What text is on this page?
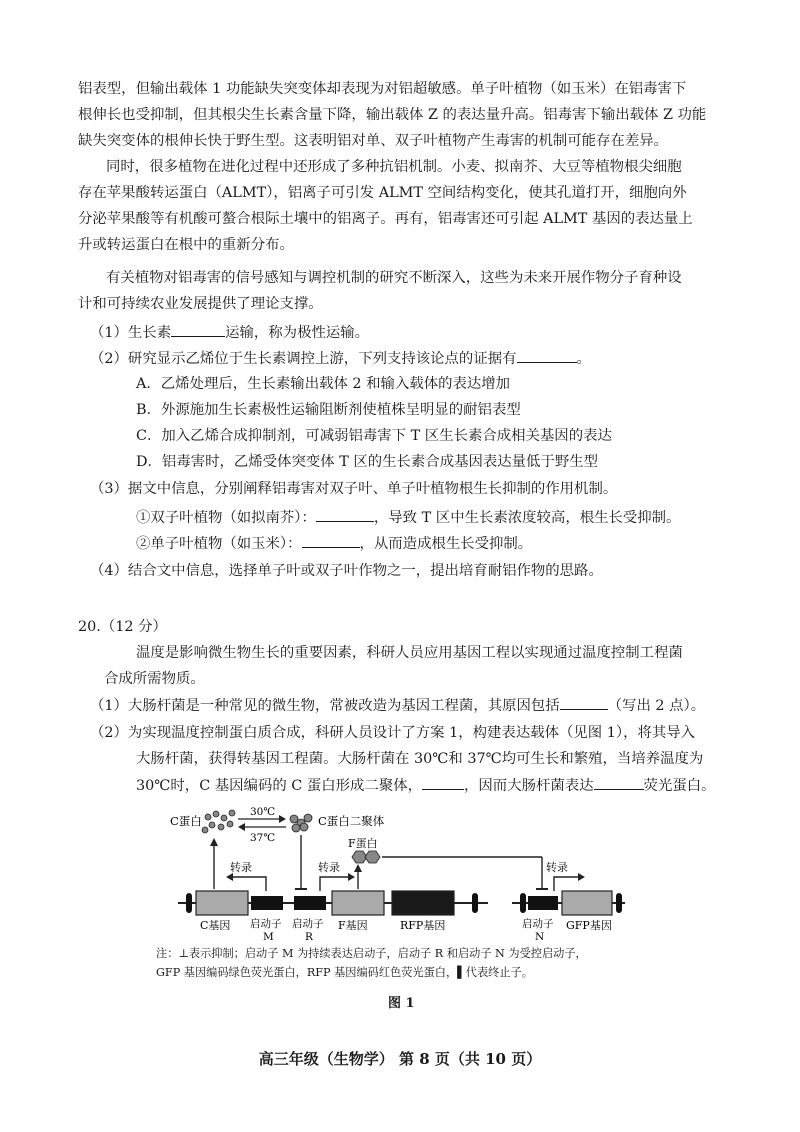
铝表型，但输出载体 1 功能缺失突变体却表现为对铝超敏感。单子叶植物（如玉米）在铝毒害下
根伸长也受抑制，但其根尖生长素含量下降，输出载体 Z 的表达量升高。铝毒害下输出载体 Z 功能
缺失突变体的根伸长快于野生型。这表明铝对单、双子叶植物产生毒害的机制可能存在差异。
同时，很多植物在进化过程中还形成了多种抗铝机制。小麦、拟南芥、大豆等植物根尖细胞
存在苹果酸转运蛋白（ALMT），铝离子可引发 ALMT 空间结构变化，使其孔道打开，细胞向外
分泌苹果酸等有机酸可螯合根际土壤中的铝离子。再有，铝毒害还可引起 ALMT 基因的表达量上
升或转运蛋白在根中的重新分布。
有关植物对铝毒害的信号感知与调控机制的研究不断深入，这些为未来开展作物分子育种设
计和可持续农业发展提供了理论支撑。
（1）生长素	运输，称为极性运输。
（2）研究显示乙烯位于生长素调控上游，下列支持该论点的证据有	。
A．乙烯处理后，生长素输出载体 2 和输入载体的表达增加
B．外源施加生长素极性运输阻断剂使植株呈明显的耐铝表型
C．加入乙烯合成抑制剂，可减弱铝毒害下 T 区生长素合成相关基因的表达
D．铝毒害时，乙烯受体突变体 T 区的生长素合成基因表达量低于野生型
（3）据文中信息，分别阐释铝毒害对双子叶、单子叶植物根生长抑制的作用机制。
①双子叶植物（如拟南芥）：	，导致 T 区中生长素浓度较高，根生长受抑制。
②单子叶植物（如玉米）：	，从而造成根生长受抑制。
（4）结合文中信息，选择单子叶或双子叶作物之一，提出培育耐铝作物的思路。
20.（12 分）
温度是影响微生物生长的重要因素，科研人员应用基因工程以实现通过温度控制工程菌
合成所需物质。
（1）大肠杆菌是一种常见的微生物，常被改造为基因工程菌，其原因包括	（写出 2 点）。
（2）为实现温度控制蛋白质合成，科研人员设计了方案 1，构建表达载体（见图 1），将其导入
大肠杆菌，获得转基因工程菌。大肠杆菌在 30℃和 37℃均可生长和繁殖，当培养温度为
30℃时，C 基因编码的 C 蛋白形成二聚体，	，因而大肠杆菌表达	荧光蛋白。
C蛋白
30℃
37℃
C蛋白二聚体
F蛋白
转录	转录	转录
C基因 启动子
M
启动子
R
F基因	RFP基因	启动子
N
GFP基因
注：⊥表示抑制；启动子 M 为持续表达启动子，启动子 R 和启动子 N 为受控启动子，
GFP 基因编码绿色荧光蛋白，RFP 基因编码红色荧光蛋白，▌代表终止子。
图 1
高三年级（生物学） 第 8 页（共 10 页）
